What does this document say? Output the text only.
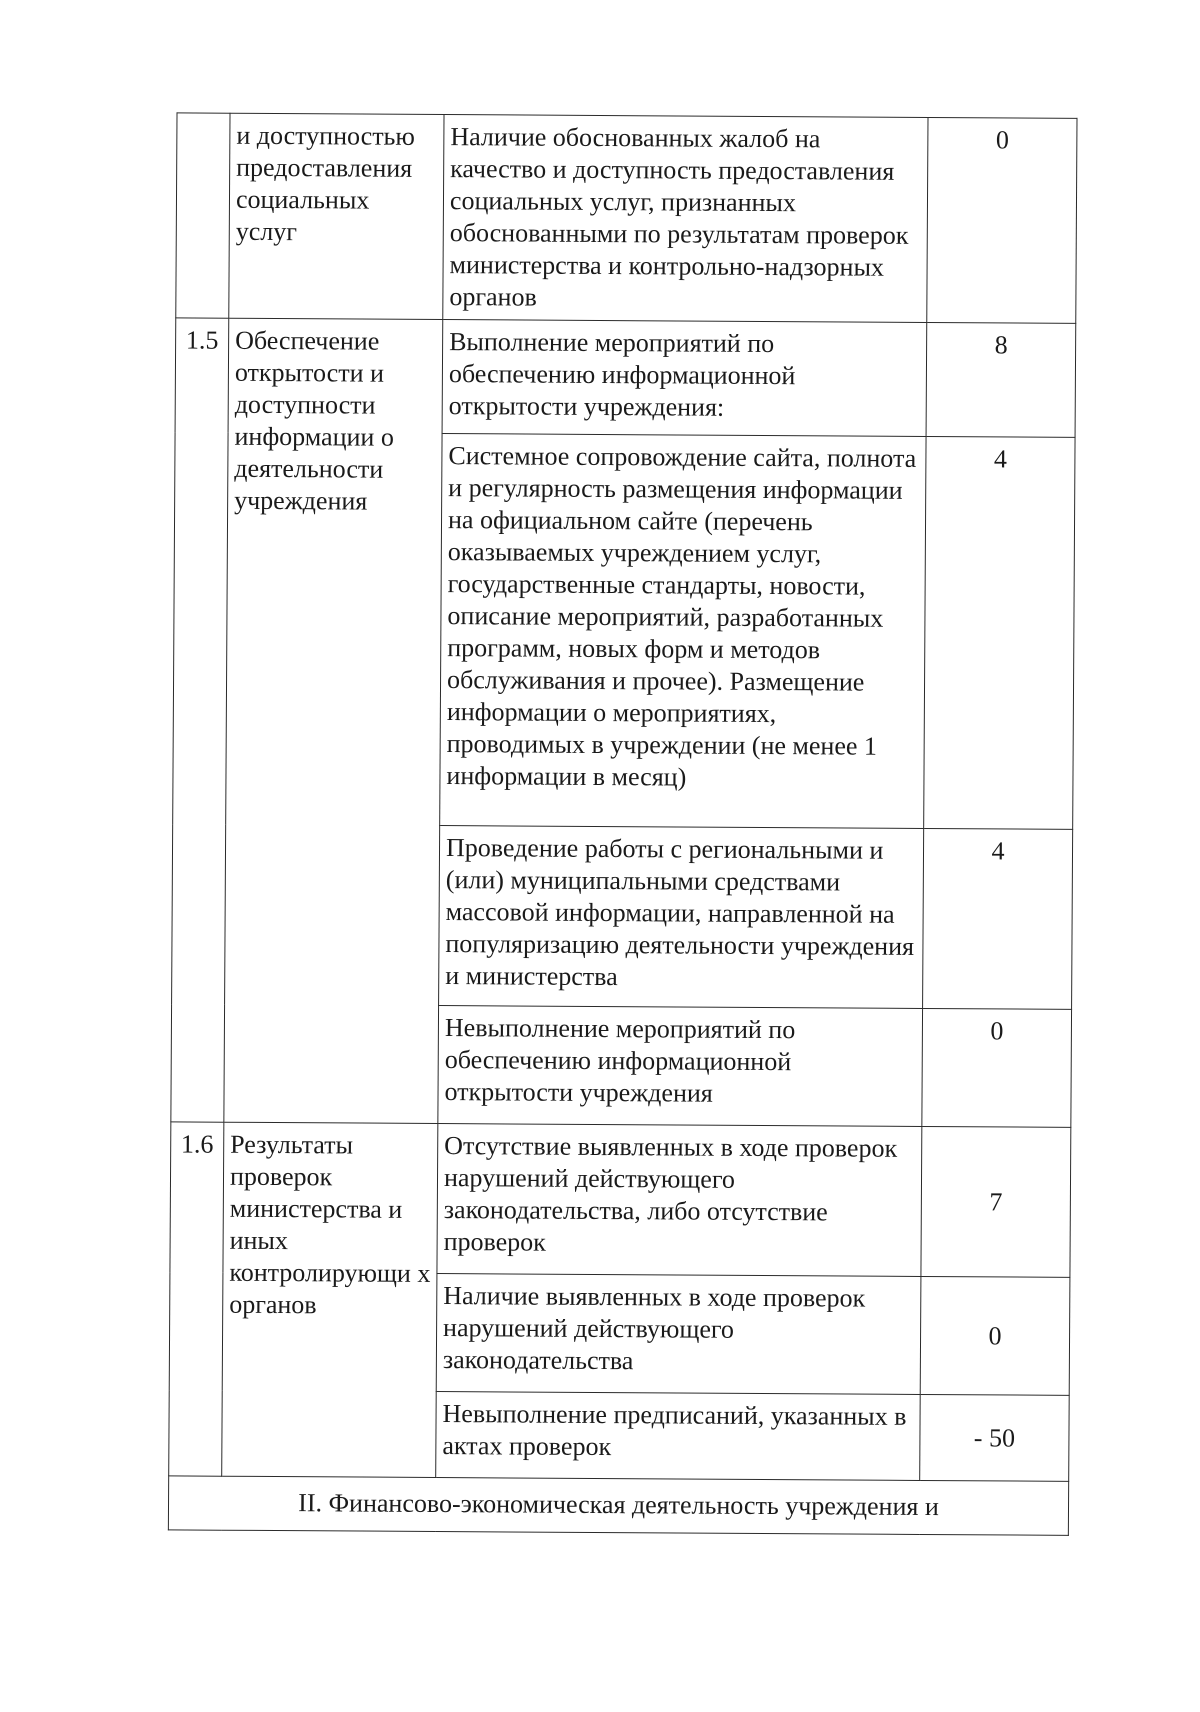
	и доступностью предоставления социальных услуг	Наличие обоснованных жалоб на качество и доступность предоставления социальных услуг, признанных обоснованными по результатам проверок министерства и контрольно-надзорных органов	0
1.5	Обеспечение открытости и доступности информации о деятельности учреждения	Выполнение мероприятий по обеспечению информационной открытости учреждения:	8
		Системное сопровождение сайта, полнота и регулярность размещения информации на официальном сайте (перечень оказываемых учреждением услуг, государственные стандарты, новости, описание мероприятий, разработанных программ, новых форм и методов обслуживания и прочее). Размещение информации о мероприятиях, проводимых в учреждении (не менее 1 информации в месяц)	4
		Проведение работы с региональными и (или) муниципальными средствами массовой информации, направленной на популяризацию деятельности учреждения и министерства	4
		Невыполнение мероприятий по обеспечению информационной открытости учреждения	0
1.6	Результаты проверок министерства и иных контролирующи х органов	Отсутствие выявленных в ходе проверок нарушений действующего законодательства, либо отсутствие проверок	7
		Наличие выявленных в ходе проверок нарушений действующего законодательства	0
		Невыполнение предписаний, указанных в актах проверок	- 50
II. Финансово-экономическая деятельность учреждения и			
